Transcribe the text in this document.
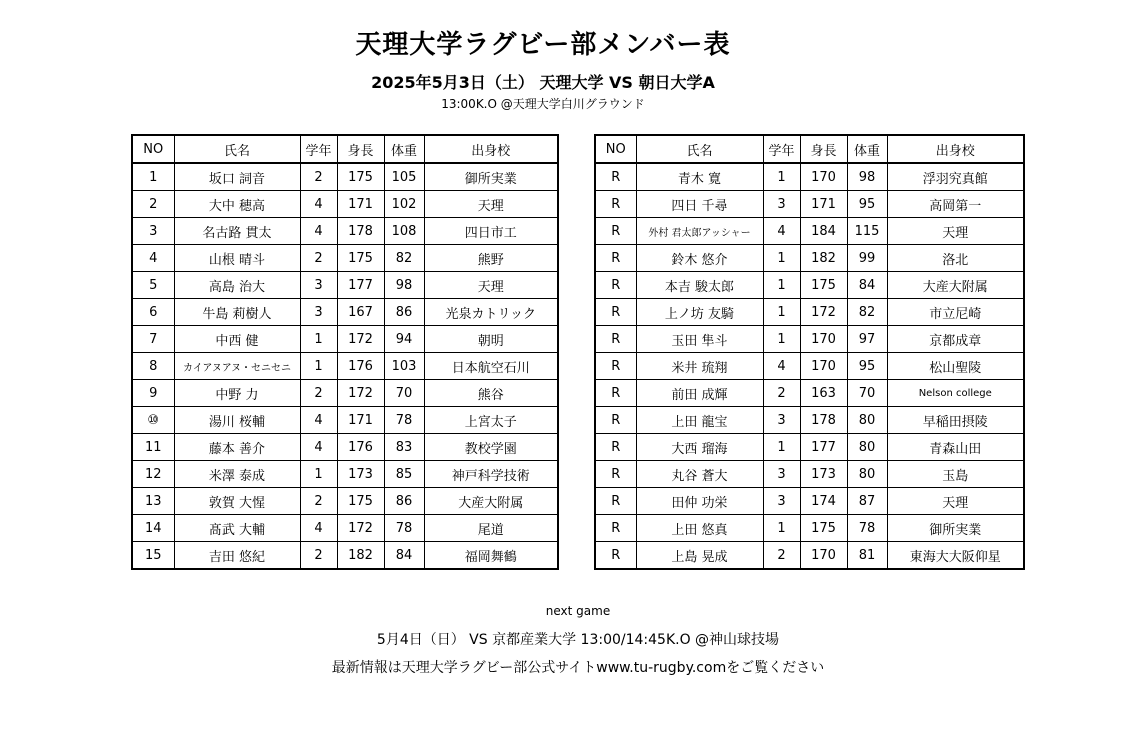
天理大学ラグビー部メンバー表
2025年5月3日（土） 天理大学 VS 朝日大学A
13:00K.O @天理大学白川グラウンド
NO	氏名	学年	身長	体重	出身校
1	坂口 詞音	2	175	105	御所実業
2	大中 穂高	4	171	102	天理
3	名古路 貫太	4	178	108	四日市工
4	山根 晴斗	2	175	82	熊野
5	高島 治大	3	177	98	天理
6	牛島 莉樹人	3	167	86	光泉カトリック
7	中西 健	1	172	94	朝明
8	カイアヌアヌ・セニセニ	1	176	103	日本航空石川
9	中野 力	2	172	70	熊谷
⑩	湯川 桜輔	4	171	78	上宮太子
11	藤本 善介	4	176	83	教校学園
12	米澤 泰成	1	173	85	神戸科学技術
13	敦賀 大惺	2	175	86	大産大附属
14	髙武 大輔	4	172	78	尾道
15	吉田 悠紀	2	182	84	福岡舞鶴
NO	氏名	学年	身長	体重	出身校
R	青木 寛	1	170	98	浮羽究真館
R	四日 千尋	3	171	95	高岡第一
R	外村 君太郎アッシャー	4	184	115	天理
R	鈴木 悠介	1	182	99	洛北
R	本吉 駿太郎	1	175	84	大産大附属
R	上ノ坊 友騎	1	172	82	市立尼崎
R	玉田 隼斗	1	170	97	京都成章
R	米井 琉翔	4	170	95	松山聖陵
R	前田 成輝	2	163	70	Nelson college
R	上田 龍宝	3	178	80	早稲田摂陵
R	大西 瑠海	1	177	80	青森山田
R	丸谷 蒼大	3	173	80	玉島
R	田仲 功栄	3	174	87	天理
R	上田 悠真	1	175	78	御所実業
R	上島 晃成	2	170	81	東海大大阪仰星
next game
5月4日（日） VS 京都産業大学 13:00/14:45K.O @神山球技場
最新情報は天理大学ラグビー部公式サイトwww.tu-rugby.comをご覧ください
